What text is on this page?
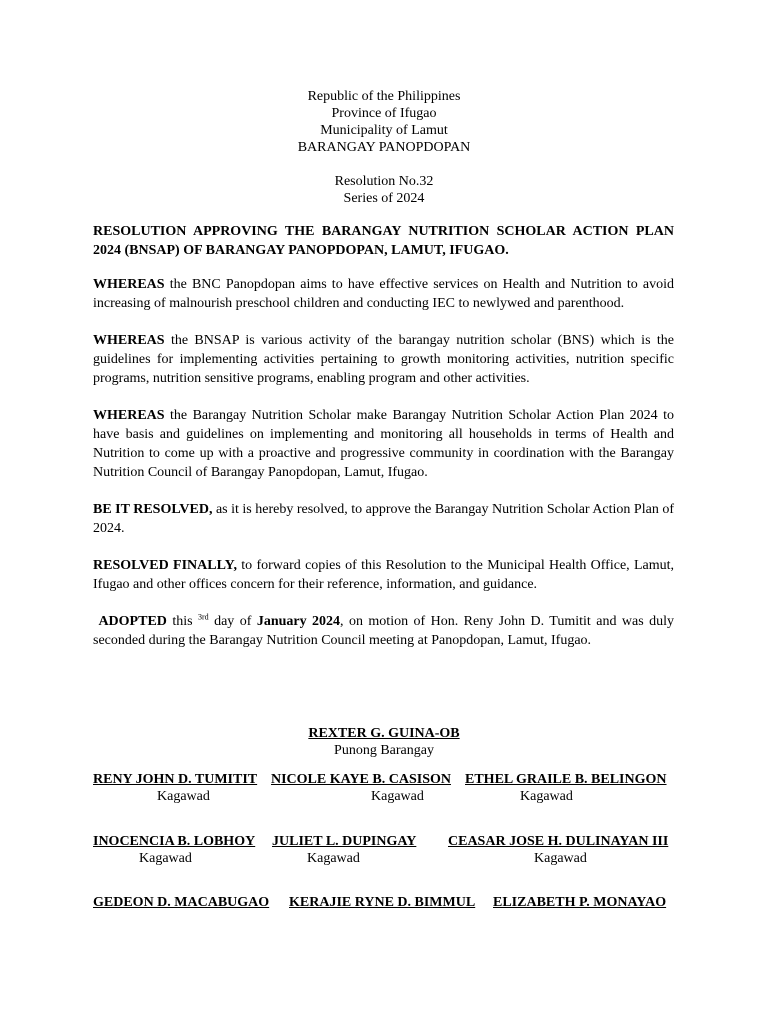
Republic of the Philippines
Province of Ifugao
Municipality of Lamut
BARANGAY PANOPDOPAN
Resolution No.32
Series of 2024
RESOLUTION APPROVING THE BARANGAY NUTRITION SCHOLAR ACTION PLAN 2024 (BNSAP) OF BARANGAY PANOPDOPAN, LAMUT, IFUGAO.
WHEREAS the BNC Panopdopan aims to have effective services on Health and Nutrition to avoid increasing of malnourish preschool children and conducting IEC to newlywed and parenthood.
WHEREAS the BNSAP is various activity of the barangay nutrition scholar (BNS) which is the guidelines for implementing activities pertaining to growth monitoring activities, nutrition specific programs, nutrition sensitive programs, enabling program and other activities.
WHEREAS the Barangay Nutrition Scholar make Barangay Nutrition Scholar Action Plan 2024 to have basis and guidelines on implementing and monitoring all households in terms of Health and Nutrition to come up with a proactive and progressive community in coordination with the Barangay Nutrition Council of Barangay Panopdopan, Lamut, Ifugao.
BE IT RESOLVED, as it is hereby resolved, to approve the Barangay Nutrition Scholar Action Plan of 2024.
RESOLVED FINALLY, to forward copies of this Resolution to the Municipal Health Office, Lamut, Ifugao and other offices concern for their reference, information, and guidance.
ADOPTED this $^{3rd}$ day of January 2024, on motion of Hon. Reny John D. Tumitit and was duly seconded during the Barangay Nutrition Council meeting at Panopdopan, Lamut, Ifugao.
REXTER G. GUINA-OB
Punong Barangay
RENY JOHN D. TUMITIT
Kagawad
NICOLE KAYE B. CASISON
Kagawad
ETHEL GRAILE B. BELINGON
Kagawad
INOCENCIA B. LOBHOY
Kagawad
JULIET L. DUPINGAY
Kagawad
CEASAR JOSE H. DULINAYAN III
Kagawad
GEDEON D. MACABUGAO KERAJIE RYNE D. BIMMUL ELIZABETH P. MONAYAO
